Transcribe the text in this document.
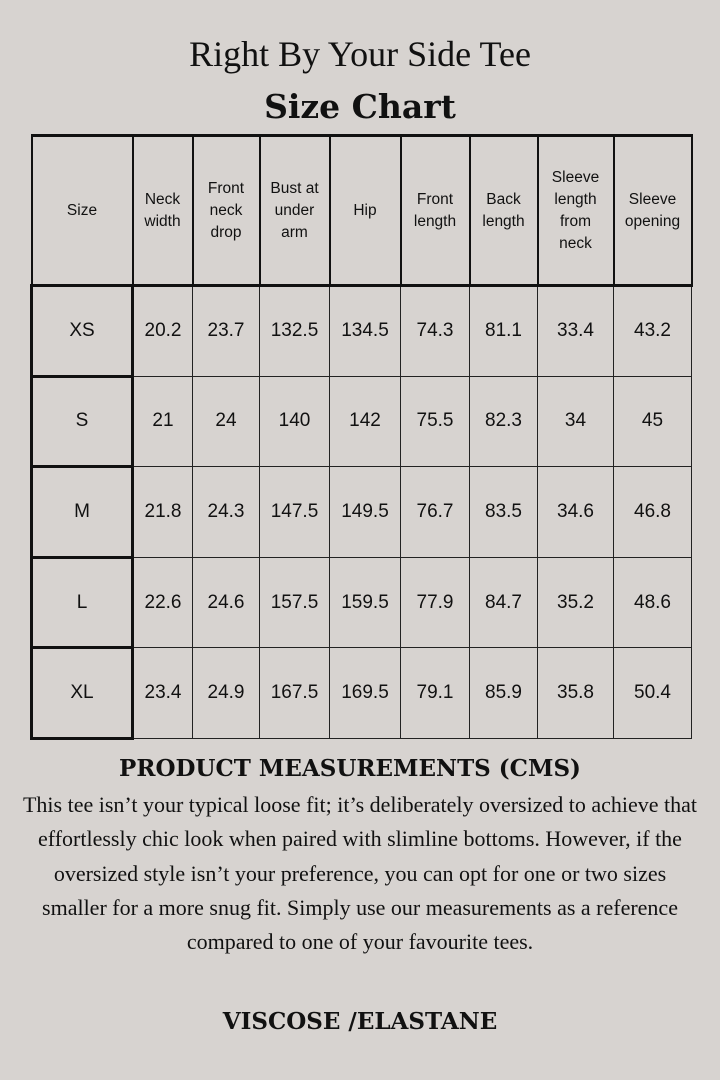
Right By Your Side Tee
Size Chart
Size	Neck width	Front neck drop	Bust at under arm	Hip	Front length	Back length	Sleeve length from neck	Sleeve opening
XS	20.2	23.7	132.5	134.5	74.3	81.1	33.4	43.2
S	21	24	140	142	75.5	82.3	34	45
M	21.8	24.3	147.5	149.5	76.7	83.5	34.6	46.8
L	22.6	24.6	157.5	159.5	77.9	84.7	35.2	48.6
XL	23.4	24.9	167.5	169.5	79.1	85.9	35.8	50.4
PRODUCT MEASUREMENTS (CMS)
This tee isn’t your typical loose fit; it’s deliberately oversized to achieve that effortlessly chic look when paired with slimline bottoms. However, if the oversized style isn’t your preference, you can opt for one or two sizes smaller for a more snug fit. Simply use our measurements as a reference compared to one of your favourite tees.
VISCOSE /ELASTANE
